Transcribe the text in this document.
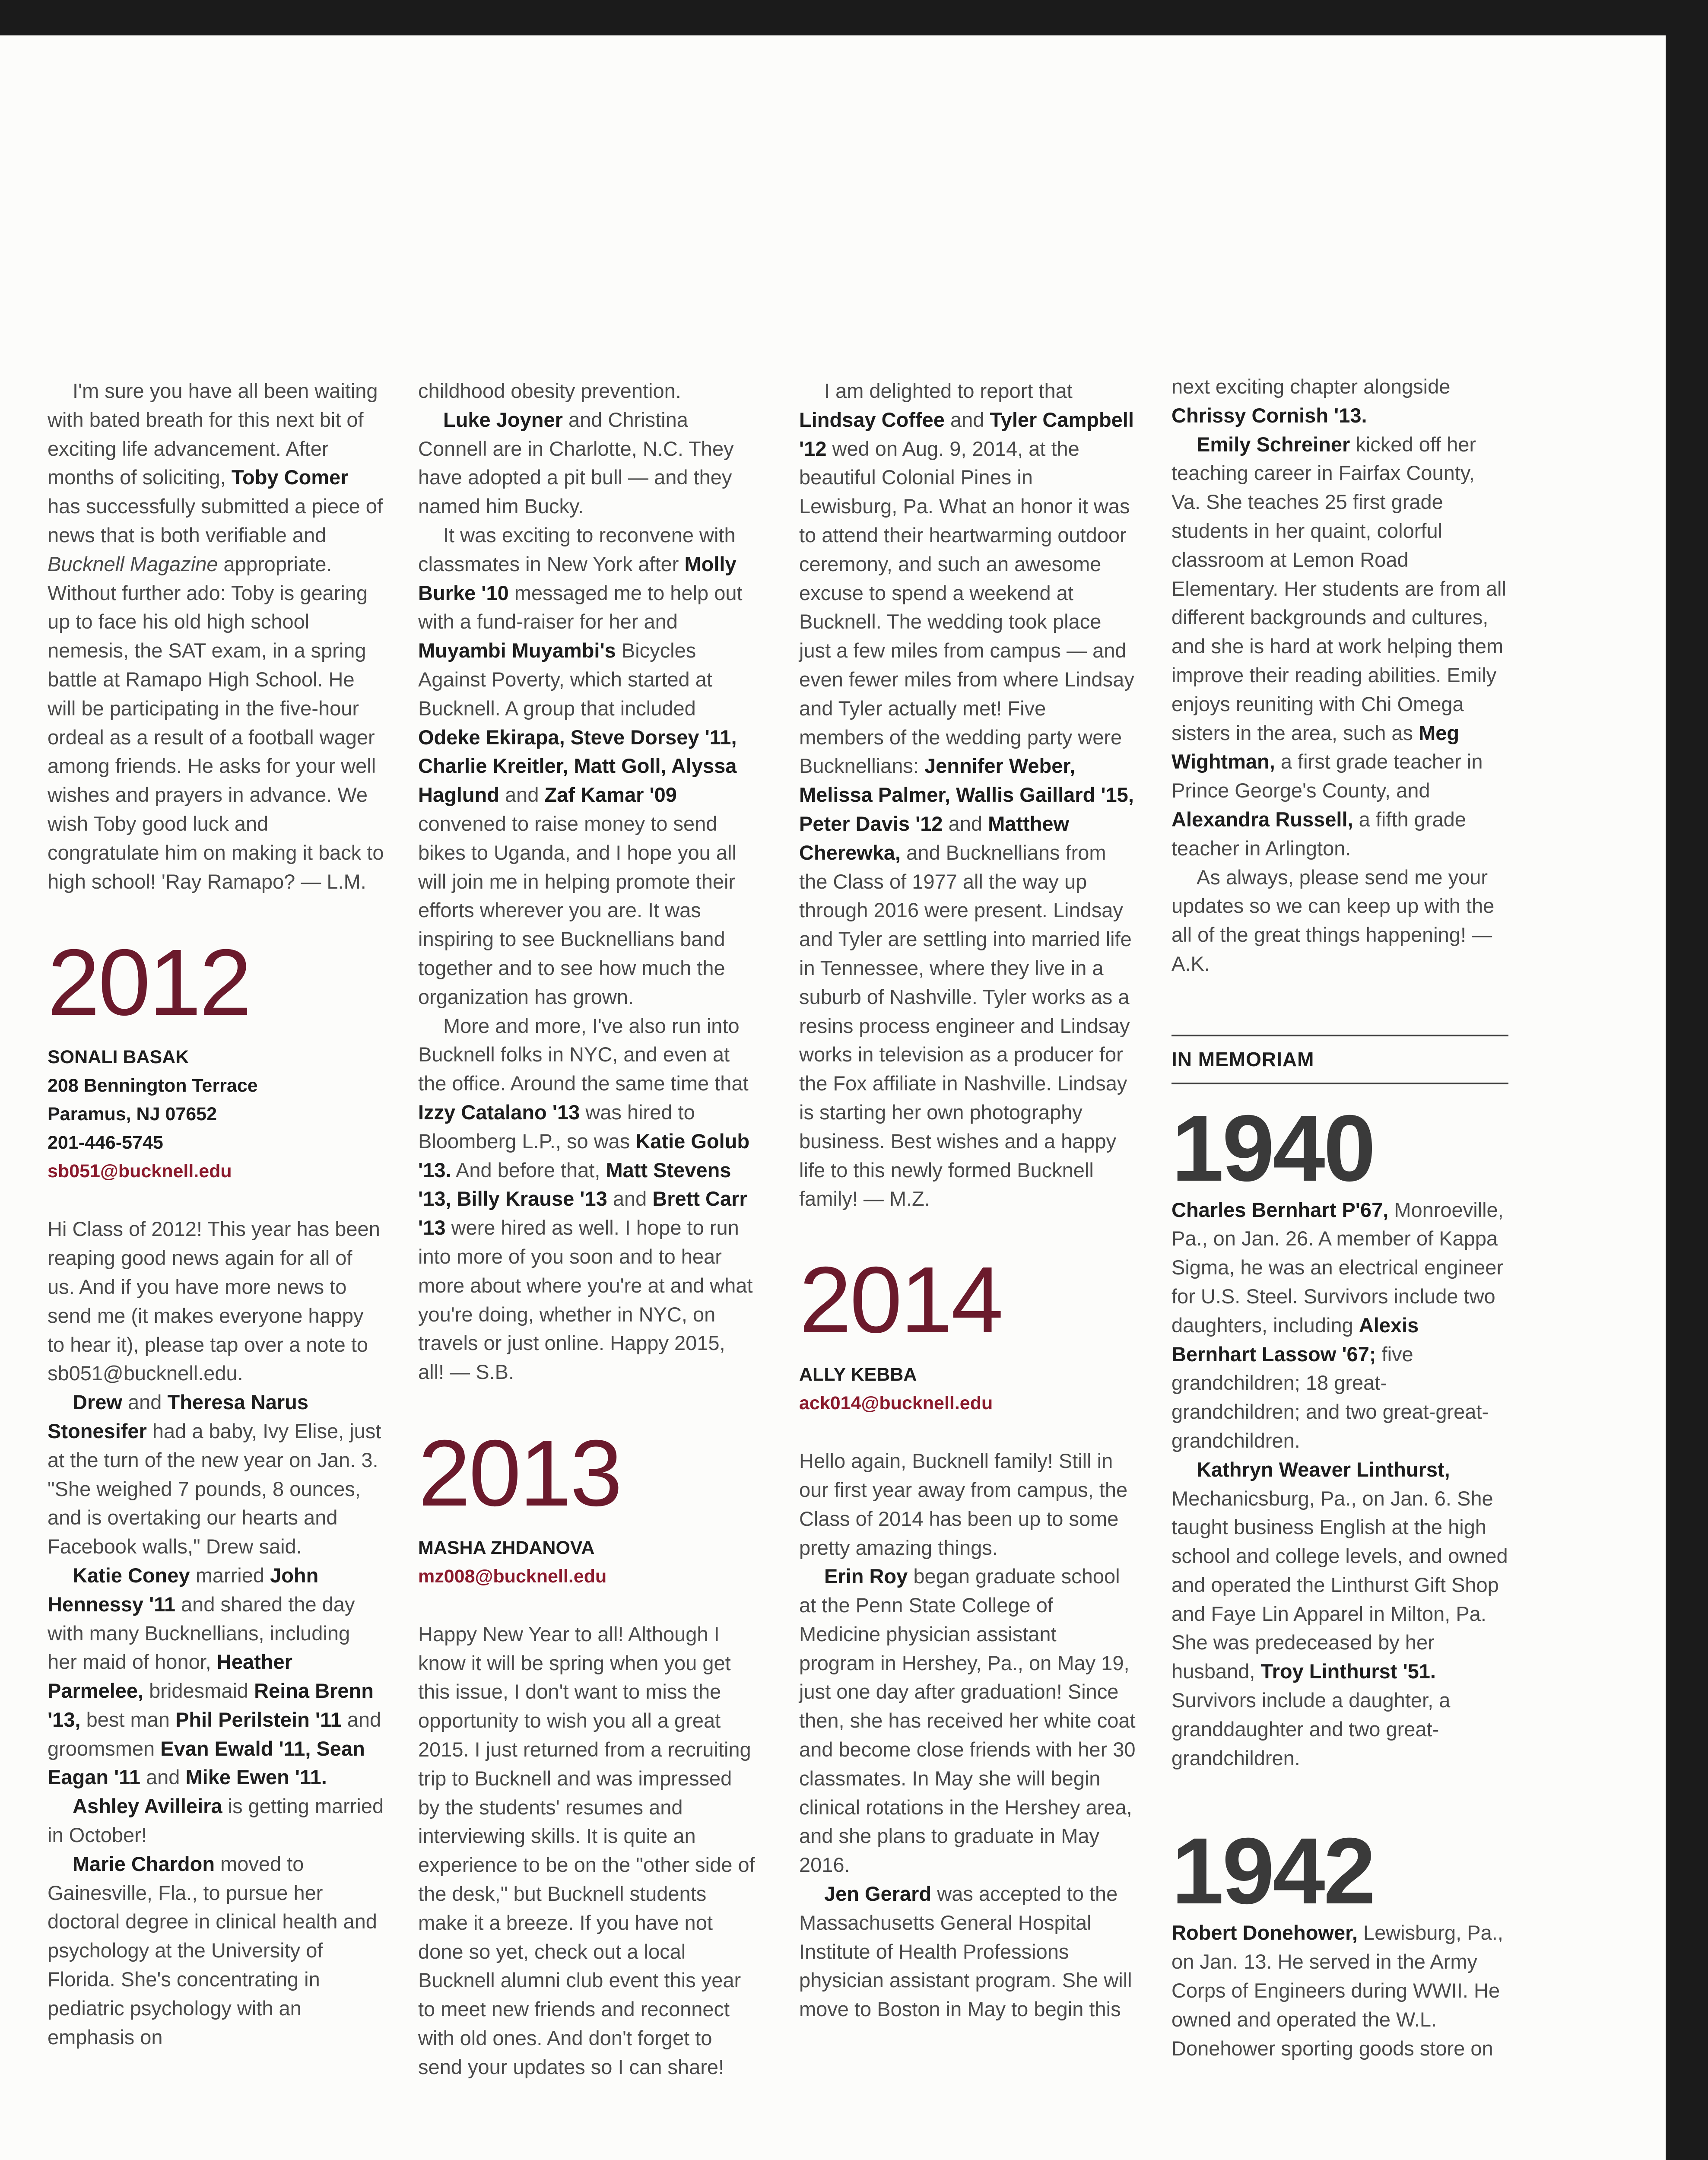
I'm sure you have all been waiting with bated breath for this next bit of exciting life advancement. After months of soliciting, Toby Comer has successfully submitted a piece of news that is both verifiable and Bucknell Magazine appropriate. Without further ado: Toby is gearing up to face his old high school nemesis, the SAT exam, in a spring battle at Ramapo High School. He will be participating in the five-hour ordeal as a result of a football wager among friends. He asks for your well wishes and prayers in advance. We wish Toby good luck and congratulate him on making it back to high school! 'Ray Ramapo? — L.M.

2012
SONALI BASAK
208 Bennington Terrace
Paramus, NJ 07652
201-446-5745
sb051@bucknell.edu

Hi Class of 2012! This year has been reaping good news again for all of us. And if you have more news to send me (it makes everyone happy to hear it), please tap over a note to sb051@bucknell.edu.

Drew and Theresa Narus Stonesifer had a baby, Ivy Elise, just at the turn of the new year on Jan. 3. "She weighed 7 pounds, 8 ounces, and is overtaking our hearts and Facebook walls," Drew said.

Katie Coney married John Hennessy '11 and shared the day with many Bucknellians, including her maid of honor, Heather Parmelee, bridesmaid Reina Brenn '13, best man Phil Perilstein '11 and groomsmen Evan Ewald '11, Sean Eagan '11 and Mike Ewen '11.

Ashley Avilleira is getting married in October!

Marie Chardon moved to Gainesville, Fla., to pursue her doctoral degree in clinical health and psychology at the University of Florida. She's concentrating in pediatric psychology with an emphasis on

childhood obesity prevention.

Luke Joyner and Christina Connell are in Charlotte, N.C. They have adopted a pit bull — and they named him Bucky.

It was exciting to reconvene with classmates in New York after Molly Burke '10 messaged me to help out with a fund-raiser for her and Muyambi Muyambi's Bicycles Against Poverty, which started at Bucknell. A group that included Odeke Ekirapa, Steve Dorsey '11, Charlie Kreitler, Matt Goll, Alyssa Haglund and Zaf Kamar '09 convened to raise money to send bikes to Uganda, and I hope you all will join me in helping promote their efforts wherever you are. It was inspiring to see Bucknellians band together and to see how much the organization has grown.

More and more, I've also run into Bucknell folks in NYC, and even at the office. Around the same time that Izzy Catalano '13 was hired to Bloomberg L.P., so was Katie Golub '13. And before that, Matt Stevens '13, Billy Krause '13 and Brett Carr '13 were hired as well. I hope to run into more of you soon and to hear more about where you're at and what you're doing, whether in NYC, on travels or just online. Happy 2015, all! — S.B.

2013
MASHA ZHDANOVA
mz008@bucknell.edu

Happy New Year to all! Although I know it will be spring when you get this issue, I don't want to miss the opportunity to wish you all a great 2015. I just returned from a recruiting trip to Bucknell and was impressed by the students' resumes and interviewing skills. It is quite an experience to be on the "other side of the desk," but Bucknell students make it a breeze. If you have not done so yet, check out a local Bucknell alumni club event this year to meet new friends and reconnect with old ones. And don't forget to send your updates so I can share!

I am delighted to report that Lindsay Coffee and Tyler Campbell '12 wed on Aug. 9, 2014, at the beautiful Colonial Pines in Lewisburg, Pa. What an honor it was to attend their heartwarming outdoor ceremony, and such an awesome excuse to spend a weekend at Bucknell. The wedding took place just a few miles from campus — and even fewer miles from where Lindsay and Tyler actually met! Five members of the wedding party were Bucknellians: Jennifer Weber, Melissa Palmer, Wallis Gaillard '15, Peter Davis '12 and Matthew Cherewka, and Bucknellians from the Class of 1977 all the way up through 2016 were present. Lindsay and Tyler are settling into married life in Tennessee, where they live in a suburb of Nashville. Tyler works as a resins process engineer and Lindsay works in television as a producer for the Fox affiliate in Nashville. Lindsay is starting her own photography business. Best wishes and a happy life to this newly formed Bucknell family! — M.Z.

2014
ALLY KEBBA
ack014@bucknell.edu

Hello again, Bucknell family! Still in our first year away from campus, the Class of 2014 has been up to some pretty amazing things.

Erin Roy began graduate school at the Penn State College of Medicine physician assistant program in Hershey, Pa., on May 19, just one day after graduation! Since then, she has received her white coat and become close friends with her 30 classmates. In May she will begin clinical rotations in the Hershey area, and she plans to graduate in May 2016.

Jen Gerard was accepted to the Massachusetts General Hospital Institute of Health Professions physician assistant program. She will move to Boston in May to begin this

next exciting chapter alongside Chrissy Cornish '13.

Emily Schreiner kicked off her teaching career in Fairfax County, Va. She teaches 25 first grade students in her quaint, colorful classroom at Lemon Road Elementary. Her students are from all different backgrounds and cultures, and she is hard at work helping them improve their reading abilities. Emily enjoys reuniting with Chi Omega sisters in the area, such as Meg Wightman, a first grade teacher in Prince George's County, and Alexandra Russell, a fifth grade teacher in Arlington.

As always, please send me your updates so we can keep up with the all of the great things happening! — A.K.

IN MEMORIAM
1940

Charles Bernhart P'67, Monroeville, Pa., on Jan. 26. A member of Kappa Sigma, he was an electrical engineer for U.S. Steel. Survivors include two daughters, including Alexis Bernhart Lassow '67; five grandchildren; 18 great-grandchildren; and two great-great-grandchildren.

Kathryn Weaver Linthurst, Mechanicsburg, Pa., on Jan. 6. She taught business English at the high school and college levels, and owned and operated the Linthurst Gift Shop and Faye Lin Apparel in Milton, Pa. She was predeceased by her husband, Troy Linthurst '51. Survivors include a daughter, a granddaughter and two great-grandchildren.

1942

Robert Donehower, Lewisburg, Pa., on Jan. 13. He served in the Army Corps of Engineers during WWII. He owned and operated the W.L. Donehower sporting goods store on
